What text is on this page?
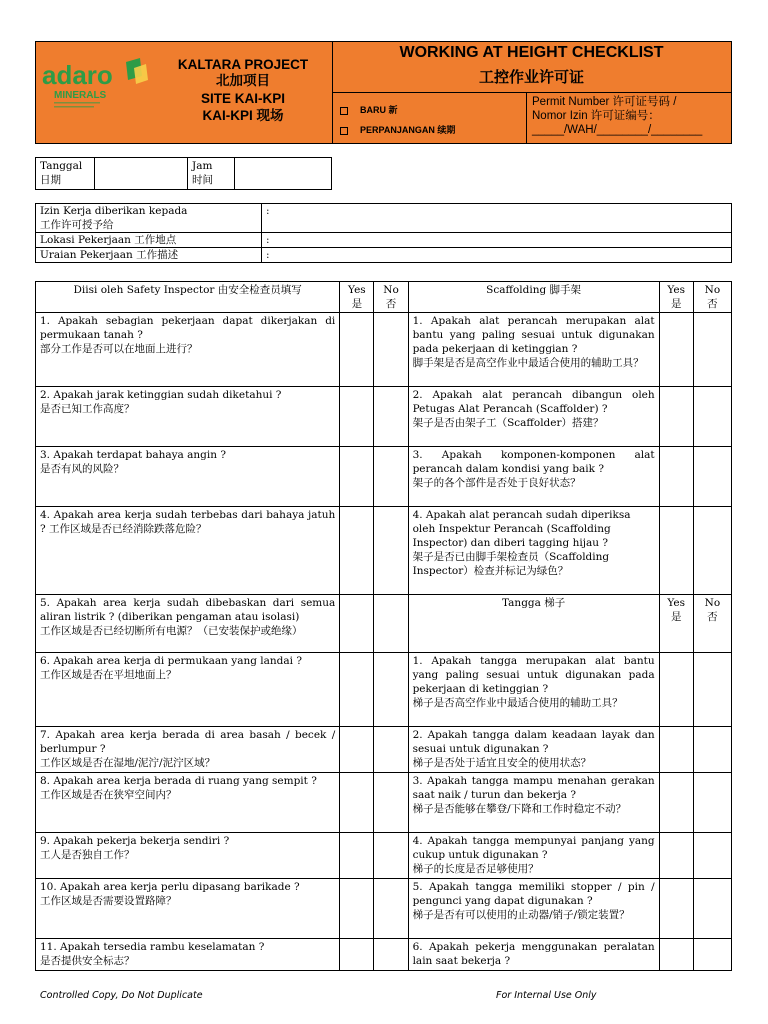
adaro
MINERALS
KALTARA PROJECT
北加项目
SITE KAI-KPI
KAI-KPI 现场
WORKING AT HEIGHT CHECKLIST
工控作业许可证
BARU 新
PERPANJANGAN 续期
Permit Number 许可证号码 /
Nomor Izin 许可证编号：
_____/WAH/________/________
Tanggal
日期		Jam
时间	
Izin Kerja diberikan kepada
工作许可授予给	:
Lokasi Pekerjaan 工作地点	:
Uraian Pekerjaan 工作描述	:
Diisi oleh Safety Inspector 由安全检查员填写	Yes
是	No
否	Scaffolding 脚手架	Yes
是	No
否
1. Apakah sebagian pekerjaan dapat dikerjakan di permukaan tanah ?
部分工作是否可以在地面上进行？			1. Apakah alat perancah merupakan alat bantu yang paling sesuai untuk digunakan pada pekerjaan di ketinggian ?
脚手架是否是高空作业中最适合使用的辅助工具？		
2. Apakah jarak ketinggian sudah diketahui ?
是否已知工作高度？			2. Apakah alat perancah dibangun oleh Petugas Alat Perancah (Scaffolder) ?
架子是否由架子工（Scaffolder）搭建？		
3. Apakah terdapat bahaya angin ?
是否有风的风险？			3. Apakah komponen-komponen alat perancah dalam kondisi yang baik ?
架子的各个部件是否处于良好状态？		
4. Apakah area kerja sudah terbebas dari bahaya jatuh ? 工作区域是否已经消除跌落危险？			4. Apakah alat perancah sudah diperiksa oleh Inspektur Perancah (Scaffolding Inspector) dan diberi tagging hijau ?
架子是否已由脚手架检查员（Scaffolding Inspector）检查并标记为绿色？		
5. Apakah area kerja sudah dibebaskan dari semua aliran listrik ? (diberikan pengaman atau isolasi)
工作区域是否已经切断所有电源？（已安装保护或绝缘）			Tangga 梯子	Yes
是	No
否
6. Apakah area kerja di permukaan yang landai ?
工作区域是否在平坦地面上？			1. Apakah tangga merupakan alat bantu yang paling sesuai untuk digunakan pada pekerjaan di ketinggian ?
梯子是否高空作业中最适合使用的辅助工具？		
7. Apakah area kerja berada di area basah / becek / berlumpur ?
工作区域是否在湿地/泥泞/泥泞区域？			2. Apakah tangga dalam keadaan layak dan sesuai untuk digunakan ?
梯子是否处于适宜且安全的使用状态？		
8. Apakah area kerja berada di ruang yang sempit ?
工作区域是否在狭窄空间内？			3. Apakah tangga mampu menahan gerakan saat naik / turun dan bekerja ?
梯子是否能够在攀登/下降和工作时稳定不动？		
9. Apakah pekerja bekerja sendiri ?
工人是否独自工作？			4. Apakah tangga mempunyai panjang yang cukup untuk digunakan ?
梯子的长度是否足够使用？		
10. Apakah area kerja perlu dipasang barikade ?
工作区域是否需要设置路障？			5. Apakah tangga memiliki stopper / pin / pengunci yang dapat digunakan ?
梯子是否有可以使用的止动器/销子/锁定装置？		
11. Apakah tersedia rambu keselamatan ?
是否提供安全标志？			6. Apakah pekerja menggunakan peralatan lain saat bekerja ?		
Controlled Copy, Do Not Duplicate	For Internal Use Only
